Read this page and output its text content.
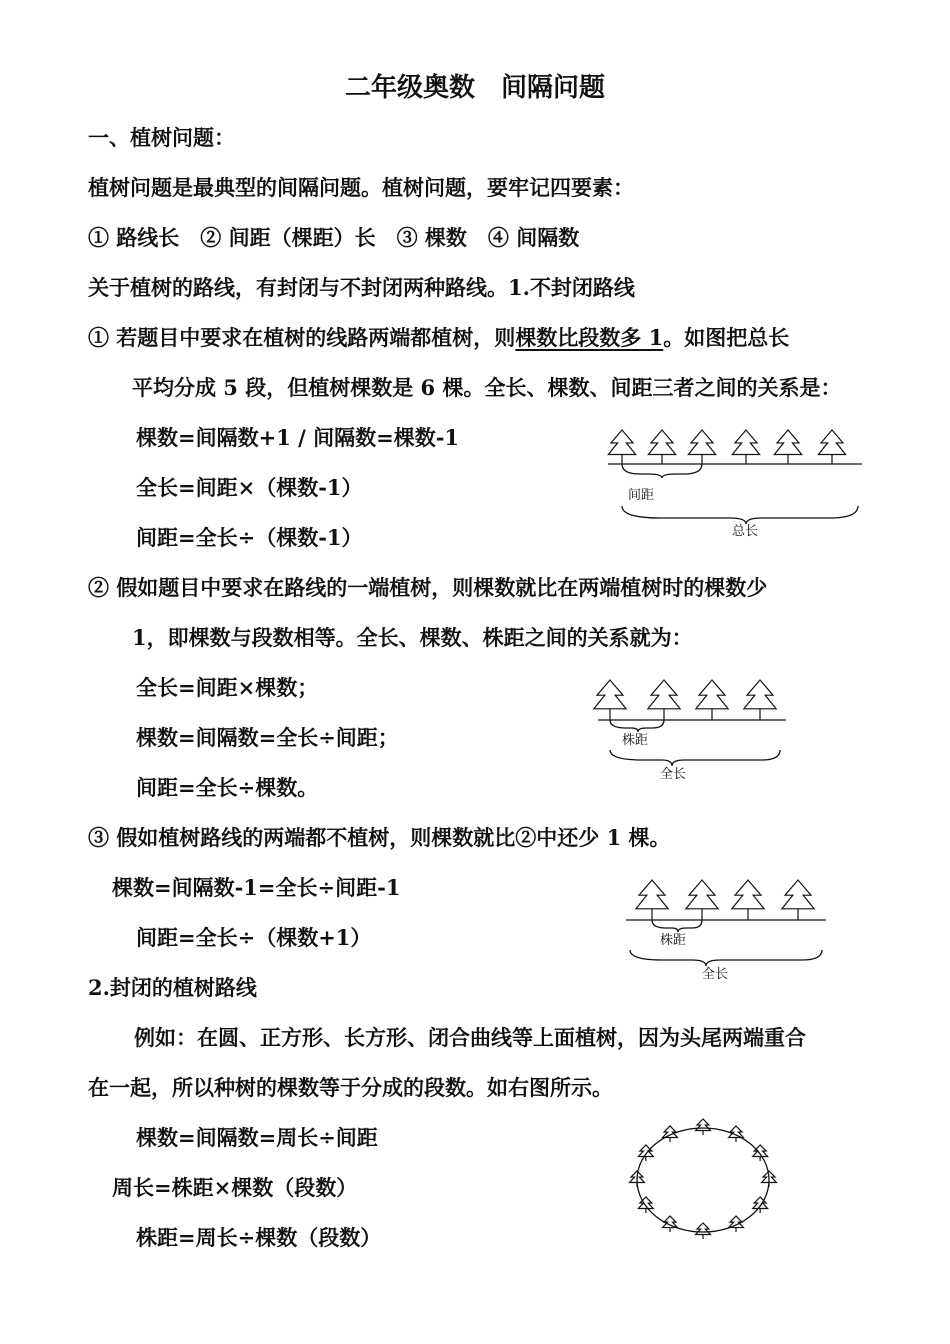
二年级奥数　间隔问题
一、植树问题：
植树问题是最典型的间隔问题。植树问题，要牢记四要素：
① 路线长　② 间距（棵距）长　③ 棵数　④ 间隔数
关于植树的路线，有封闭与不封闭两种路线。1.不封闭路线
① 若题目中要求在植树的线路两端都植树，则棵数比段数多 1。如图把总长
平均分成 5 段，但植树棵数是 6 棵。全长、棵数、间距三者之间的关系是：
棵数=间隔数+1 / 间隔数=棵数-1
全长=间距×（棵数-1）
间距=全长÷（棵数-1）
间距
总长
② 假如题目中要求在路线的一端植树，则棵数就比在两端植树时的棵数少
1，即棵数与段数相等。全长、棵数、株距之间的关系就为：
全长=间距×棵数；
棵数=间隔数=全长÷间距；
间距=全长÷棵数。
株距
全长
③ 假如植树路线的两端都不植树，则棵数就比②中还少 1 棵。
棵数=间隔数-1=全长÷间距-1
间距=全长÷（棵数+1）	株距
全长
2.封闭的植树路线
例如：在圆、正方形、长方形、闭合曲线等上面植树，因为头尾两端重合
在一起，所以种树的棵数等于分成的段数。如右图所示。
棵数=间隔数=周长÷间距
周长=株距×棵数（段数）
株距=周长÷棵数（段数）
